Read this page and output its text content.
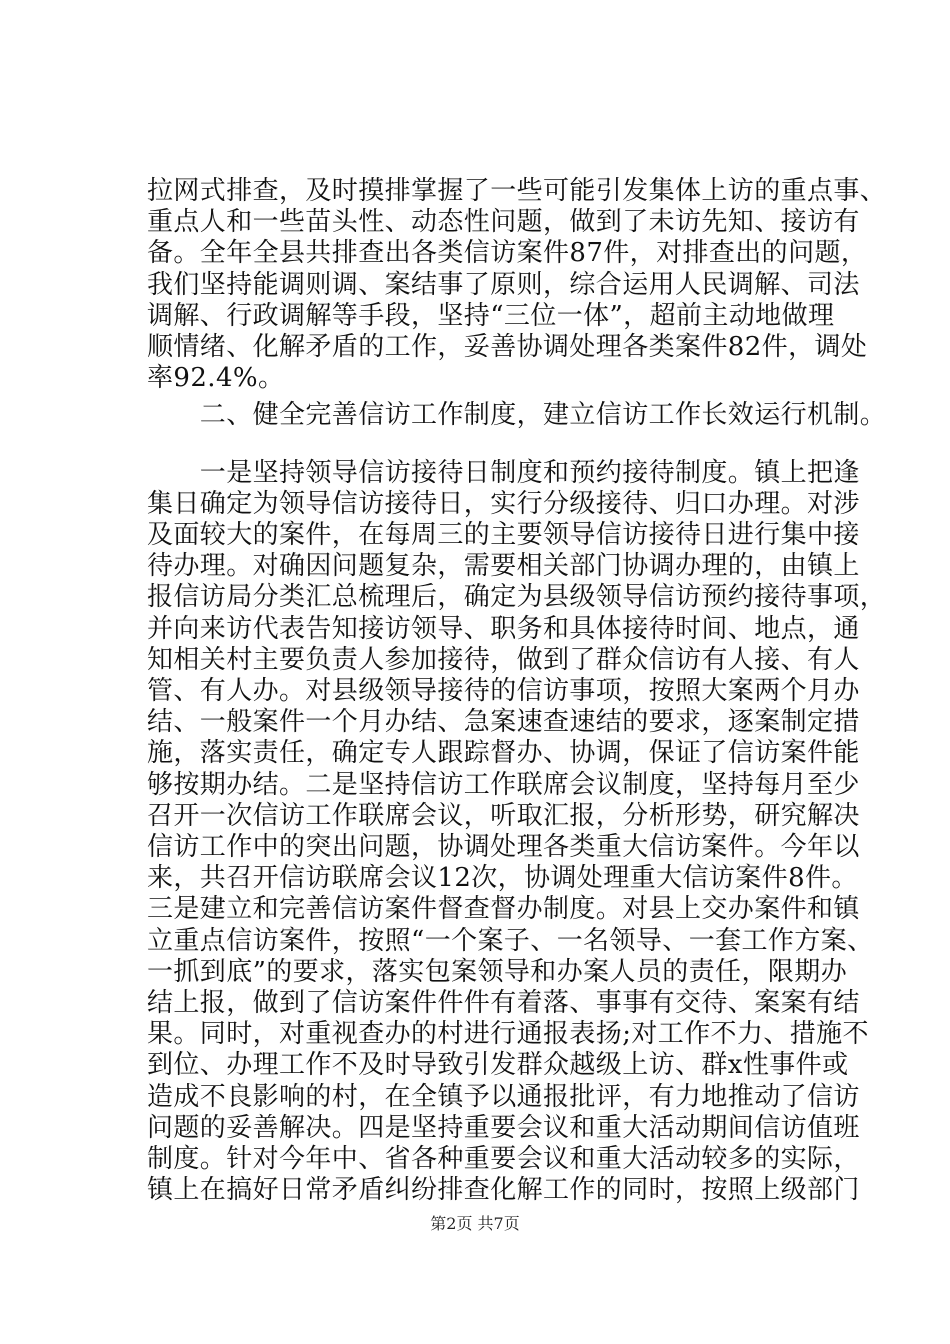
拉网式排查，及时摸排掌握了一些可能引发集体上访的重点事、
重点人和一些苗头性、动态性问题，做到了未访先知、接访有
备。全年全县共排查出各类信访案件87件，对排查出的问题，
我们坚持能调则调、案结事了原则，综合运用人民调解、司法
调解、行政调解等手段，坚持“三位一体”，超前主动地做理
顺情绪、化解矛盾的工作，妥善协调处理各类案件82件，调处
率92.4%。
　　二、健全完善信访工作制度，建立信访工作长效运行机制。
　　一是坚持领导信访接待日制度和预约接待制度。镇上把逢
集日确定为领导信访接待日，实行分级接待、归口办理。对涉
及面较大的案件，在每周三的主要领导信访接待日进行集中接
待办理。对确因问题复杂，需要相关部门协调办理的，由镇上
报信访局分类汇总梳理后，确定为县级领导信访预约接待事项，
并向来访代表告知接访领导、职务和具体接待时间、地点，通
知相关村主要负责人参加接待，做到了群众信访有人接、有人
管、有人办。对县级领导接待的信访事项，按照大案两个月办
结、一般案件一个月办结、急案速查速结的要求，逐案制定措
施，落实责任，确定专人跟踪督办、协调，保证了信访案件能
够按期办结。二是坚持信访工作联席会议制度，坚持每月至少
召开一次信访工作联席会议，听取汇报，分析形势，研究解决
信访工作中的突出问题，协调处理各类重大信访案件。今年以
来，共召开信访联席会议12次，协调处理重大信访案件8件。
三是建立和完善信访案件督查督办制度。对县上交办案件和镇
立重点信访案件，按照“一个案子、一名领导、一套工作方案、
一抓到底”的要求，落实包案领导和办案人员的责任，限期办
结上报，做到了信访案件件件有着落、事事有交待、案案有结
果。同时，对重视查办的村进行通报表扬;对工作不力、措施不
到位、办理工作不及时导致引发群众越级上访、群x性事件或
第2页 共7页
造成不良影响的村，在全镇予以通报批评，有力地推动了信访
问题的妥善解决。四是坚持重要会议和重大活动期间信访值班
制度。针对今年中、省各种重要会议和重大活动较多的实际，
镇上在搞好日常矛盾纠纷排查化解工作的同时，按照上级部门
